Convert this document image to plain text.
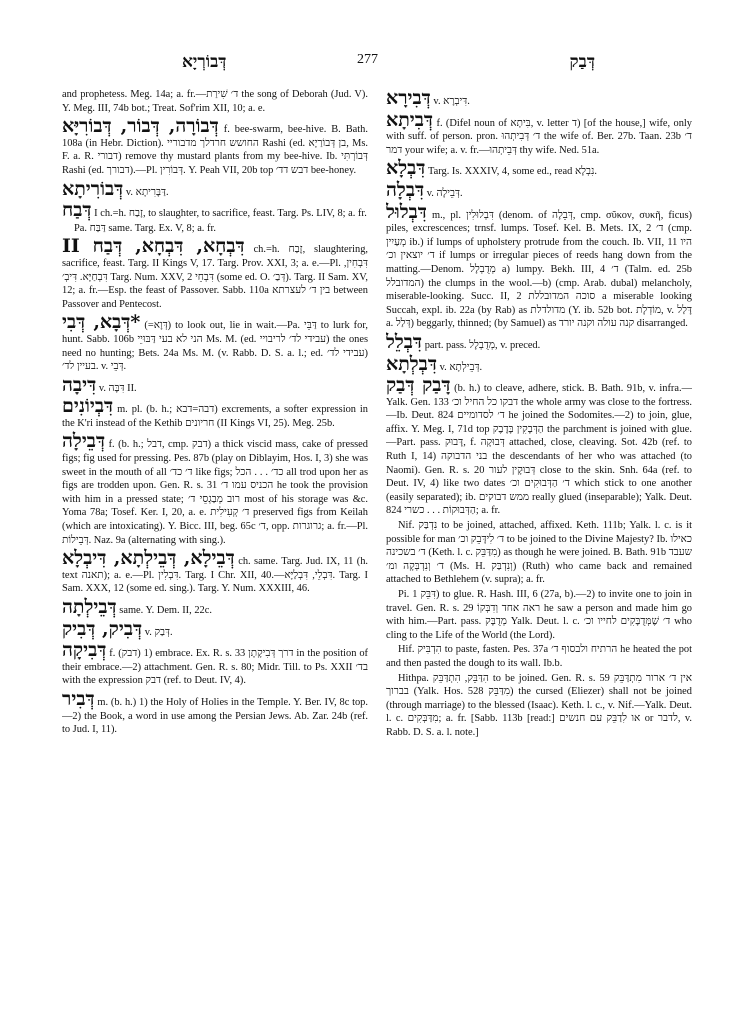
דְּבוֹרְיָא	277	דְּבַק

and prophetess. Meg. 14a; a. fr.—ד׳ שִׁירַת the song of Deborah (Jud. V). Y. Meg. III, 74b bot.; Treat. Sof'rim XII, 10; a. e.

דְּבוֹרָה, דְּבוֹר, דְּבוֹרִיָּא f. bee-swarm, bee-hive. B. Bath. 108a (in Hebr. Diction). החושש חרדלך מדבוריי Rashi (ed. בן דְּבוֹרַיָא, Ms. F. a. R. דבורי) remove thy mustard plants from my bee-hive. Ib. דְּבוֹרְתִּי Rashi (ed. דבורך).—Pl. דְּבוֹרִין. Y. Peah VII, 20b top דבש דד׳ bee-honey.

דְּבוֹרִיתָא v. דַּבָּרִיתָא.

דְּבַח I ch.=h. זָבַח, to slaughter, to sacrifice, feast. Targ. Ps. LIV, 8; a. fr.

Pa. דַּבַּח same. Targ. Ex. V, 8; a. fr.

דִּבְחָא, דִּבְחָא, דְּבַח II ch.=h. זֶבַח, slaughtering, sacrifice, feast. Targ. II Kings V, 17. Targ. Prov. XXI, 3; a. e.—Pl. דִּבְחִין, דִּבְחַיָּא. דִּיבְ׳ Targ. Num. XXV, 2 דִּבְחֵי (some ed. O. דְּבַ׳). Targ. II Sam. XV, 12; a. fr.—Esp. the feast of Passover. Sabb. 110a בין ד׳ לעצרתא between Passover and Pentecost.

*דְּבָא, דְּבִי (=דְּוָא) to look out, lie in wait.—Pa. דַּבֵּי to lurk for, hunt. Sabb. 106b הני לא בעי דַּבּוּיֵי Ms. M. (ed. עבידי לד׳ לריבויי) the ones need no hunting; Bets. 24a Ms. M. (v. Rabb. D. S. a. l.; ed. עבידי לד׳) בעיין לד׳. v. דְּבֵי.

דִּיבָה v. דִּבָּה II.

דִּבְיוֹנִים m. pl. (b. h.; דבה=דבא) excrements, a softer expression in the K'ri instead of the Kethib חריונים (II Kings VI, 25). Meg. 25b.

דְּבֵילָה f. (b. h.; דבל, cmp. דבק) a thick viscid mass, cake of pressed figs; fig used for pressing. Pes. 87b (play on Diblayim, Hos. I, 3) she was sweet in the mouth of all ד׳ כד׳ like figs; כד׳ . . . הכל all trod upon her as figs are trodden upon. Gen. R. s. 31 הכניס עמו ד׳ he took the provision with him in a pressed state; רוב מְבַגְסֵי ד׳ most of his storage was &c. Yoma 78a; Tosef. Ker. I, 20, a. e. ד׳ קְעִילִית preserved figs from Keilah (which are intoxicating). Y. Bicc. III, beg. 65c ד׳, opp. גרוגרות; a. fr.—Pl. דְּבֵילוֹת. Naz. 9a (alternating with sing.).

דְּבֵילָא, דְּבֵילְתָא, דִּיבְלָא ch. same. Targ. Jud. IX, 11 (h. text תאנה); a. e.—Pl. דִּבְלִין. Targ. I Chr. XII, 40.—דִּבְלֵי, דִּבְלַיָּא. Targ. I Sam. XXX, 12 (some ed. sing.). Targ. Y. Num. XXXIII, 46.

דְּבֵילְתָה same. Y. Dem. II, 22c.

דְּבִיק, דְּבִיק v. דְּבַק.

דְּבִיקָה f. (דבק) 1) embrace. Ex. R. s. 33 דרך דְּבִיקָתָן in the position of their embrace.—2) attachment. Gen. R. s. 80; Midr. Till. to Ps. XXII בד׳ with the expression דבק (ref. to Deut. IV, 4).

דְּבִיר m. (b. h.) 1) the Holy of Holies in the Temple. Y. Ber. IV, 8c top.—2) the Book, a word in use among the Persian Jews. Ab. Zar. 24b (ref. to Jud. I, 11).

דְּבִירָא v. דִּיבְרָא.

דְּבִיתָא f. (Difel noun of בִּיתָא, v. letter ד) [of the house,] wife, only with suff. of person. pron. ד׳ דְּבִיתְהוּ the wife of. Ber. 27b. Taan. 23b ד׳ דמר your wife; a. v. fr.—דְּבֵיתְהוּ thy wife. Ned. 51a.

דִּבְלָא Targ. Is. XXXIV, 4, some ed., read נִבְלָא.

דִּבְלָה v. דְּבֵילָה.

דִּבְלוּל m., pl. דִּבְלוּלִין (denom. of דְּבֵלָה, cmp. σῦκον, συκῆ, ficus) piles, excrescences; trnsf. lumps. Tosef. Kel. B. Mets. IX, 2 ד׳ (cmp. מְעַיִין ib.) if lumps of upholstery protrude from the couch. Ib. VII, 11 היו ד׳ יוצאין וכ׳ if lumps or irregular pieces of reeds hang down from the matting.—Denom. מְדֻבְלָל a) lumpy. Bekh. III, 4 ד׳ (Talm. ed. 25b המדובלל) the clumps in the wool.—b) (cmp. Arab. dubal) melancholy, miserable-looking. Succ. II, 2 סוכה המדובללת a miserable looking Succah, expl. ib. 22a (by Rab) as מדולדלת (Y. ib. 52b bot. מוֹדְלָת, v. דָּלַל a. דְּלַל) beggarly, thinned; (by Samuel) as קנה עולה וקנה יורד disarranged.

דִּבְלֵל part. pass. מְדֻבְלָל, v. preced.

דִּבְלְתָא v. דְּבֵילְתָא.

דָּבַק דְּבַק (b. h.) to cleave, adhere, stick. B. Bath. 91b, v. infra.—Yalk. Gen. 133 דבקו כל החיל וכ׳ the whole army was close to the fortress.—Ib. Deut. 824 ד׳ לסדומיים he joined the Sodomites.—2) to join, glue, affix. Y. Meg. I, 71d top הַדְּבָקִין בָּדֶבֶק the parchment is joined with glue.—Part. pass. דָּבוּק, f. דְּבוּקָה attached, close, cleaving. Sot. 42b (ref. to Ruth I, 14) בני הדבוקה the descendants of her who was attached (to Naomi). Gen. R. s. 20 דְּבוּקָין לעור close to the skin. Snh. 64a (ref. to Deut. IV, 4) like two dates ד׳ הַדְּבוּקִים וכ׳ which stick to one another (easily separated); ib. ממש דבוקים really glued (inseparable); Yalk. Deut. 824 הַדְּבוּקוֹת . . . כשרי; a. fr.

Nif. נִדְבַּק to be joined, attached, affixed. Keth. 111b; Yalk. l. c. is it possible for man ד׳ לִידָּבֵק וכ׳ to be joined to the Divine Majesty? Ib. כאילו ד׳ בשכינה (Keth. l. c. מִדַּבֵּק) as though he were joined. B. Bath. 91b שעבד ד׳ וְנִדְבְּקָה ומ׳ (Ms. H. וְנִדְבַּק) (Ruth) who came back and remained attached to Bethlehem (v. supra); a. fr.

Pi. דִּבֵּק 1) to glue. R. Hash. III, 6 (27a, b).—2) to invite one to join in travel. Gen. R. s. 29 ראה אחד וְדִבְּקוֹ he saw a person and made him go with him.—Part. pass. מְדֻבָּק Yalk. Deut. l. c. ד׳ שֶׁמְּדֻבָּקִים לחייו וכ׳ who cling to the Life of the World (the Lord).

Hif. הִדְבִּיק to paste, fasten. Pes. 37a הרתיח ולבסוף ד׳ he heated the pot and then pasted the dough to its wall. Ib.b.

Hithpa. הִדַּבֵּק, הִתְדַּבֵּק to be joined. Gen. R. s. 59 אין ד׳ ארור מִתְדַּבֵּק בברוך (Yalk. Hos. 528 מִדַּבֵּק) the cursed (Eliezer) shall not be joined (through marriage) to the blessed (Isaac). Keth. l. c., v. Nif.—Yalk. Deut. l. c. מִדַּבְּקִים; a. fr. [Sabb. 113b [read:] או לִדַבֵּק עם חנשים or לדבר, v. Rabb. D. S. a. l. note.]
